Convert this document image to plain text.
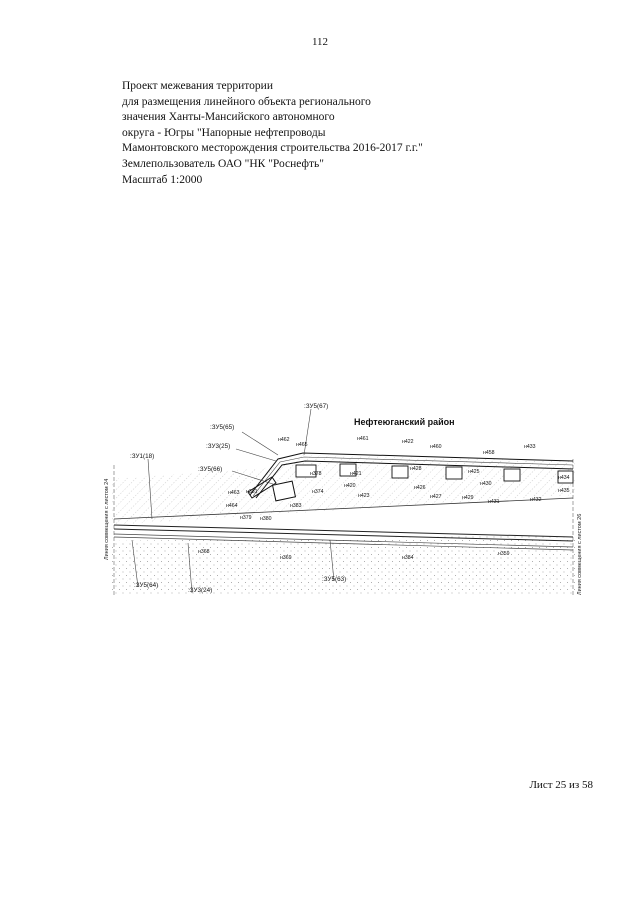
112
Проект межевания территории
для размещения линейного объекта регионального
значения Ханты-Мансийского автономного
округа - Югры "Напорные нефтепроводы
Мамонтовского месторождения строительства 2016-2017 г.г."
Землепользователь ОАО "НК "Роснефть"
Масштаб 1:2000
Нефтеюганский район
Линия совмещения с листом 24	Линия совмещения с листом 26
:ЗУ5(67)
:ЗУ5(65)
:ЗУ3(25)
:ЗУ1(18)
:ЗУ5(66)
:ЗУ5(64)
:ЗУ3(24)
:ЗУ5(63)
н462
н465
н461	н422
н460
н458
н433
н378	н421
н428	н425
н434
н374
н420
н423
н426
н430
н435
н463
н427	н429
н431	н432
н383
н464
н379 н380
н368
н369	н384
н359
н381
Лист 25 из 58
